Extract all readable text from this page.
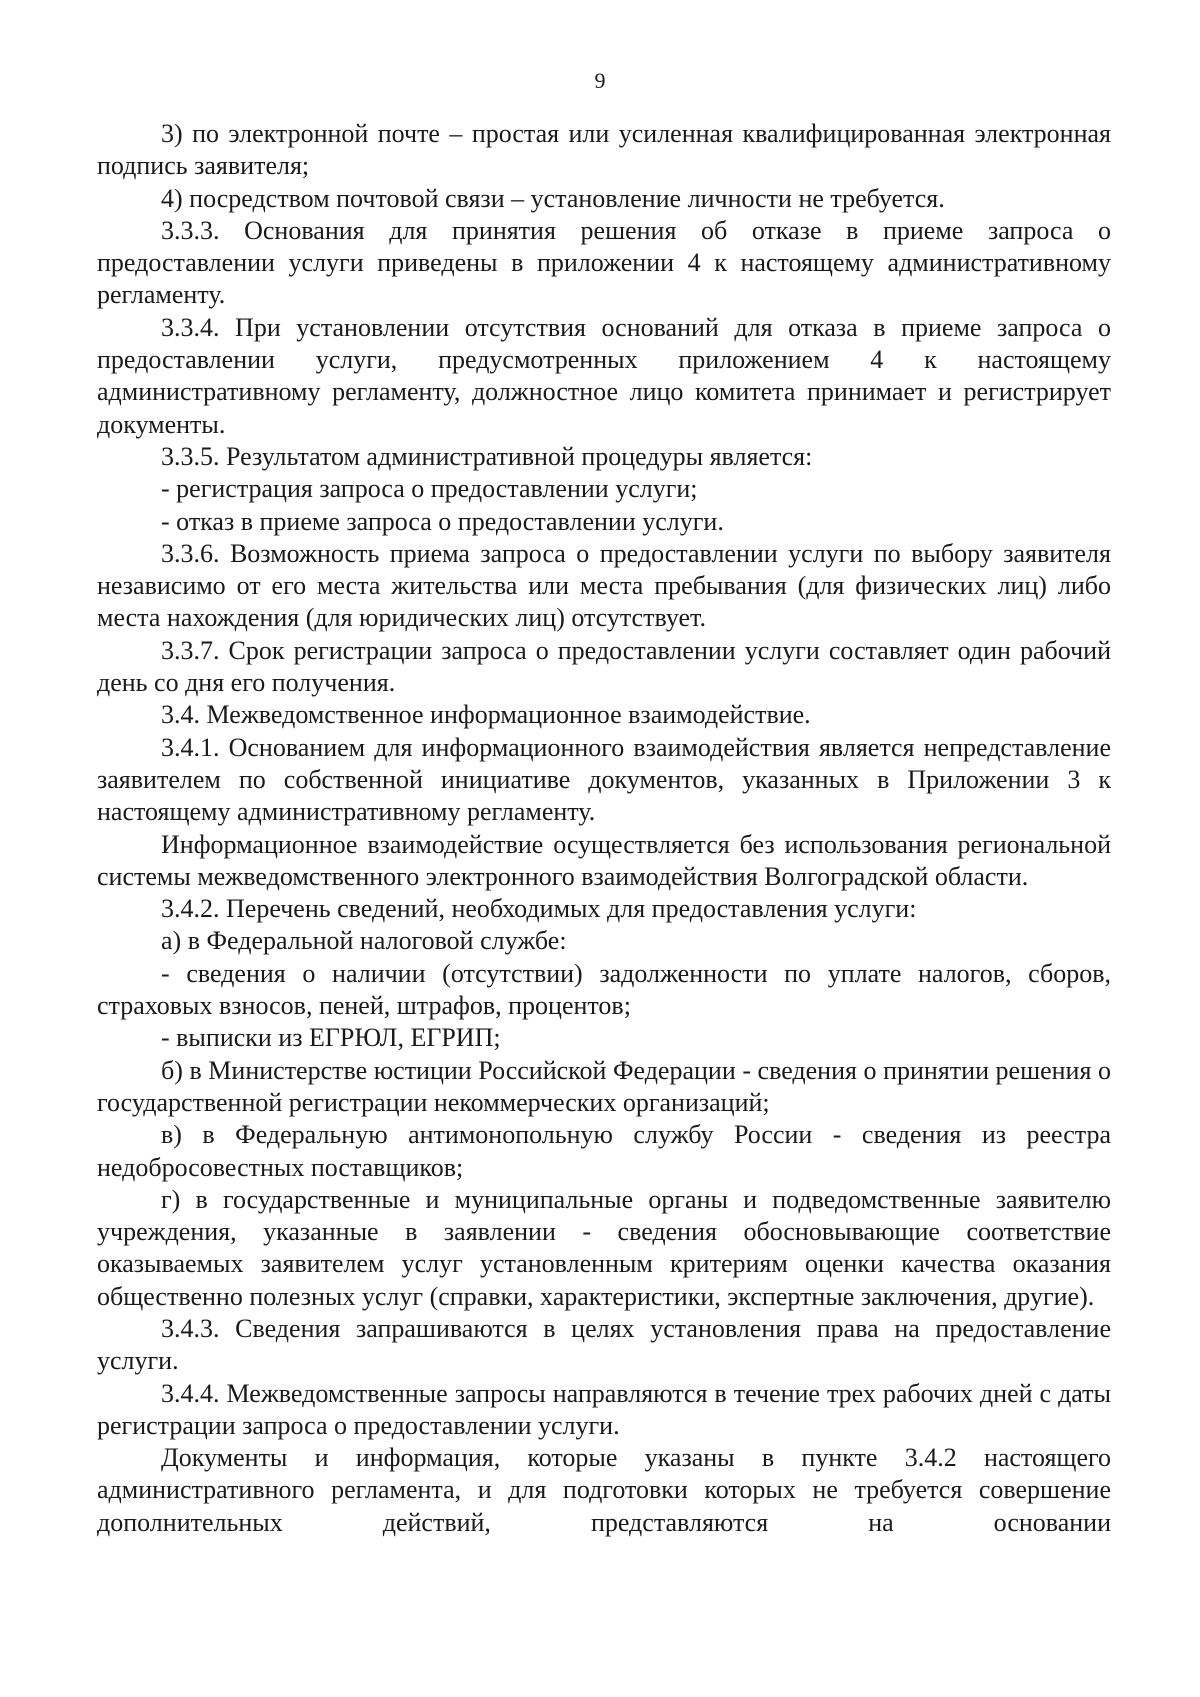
9

3) по электронной почте – простая или усиленная квалифицированная электронная подпись заявителя;

4) посредством почтовой связи – установление личности не требуется.

3.3.3. Основания для принятия решения об отказе в приеме запроса о предоставлении услуги приведены в приложении 4 к настоящему административному регламенту.

3.3.4. При установлении отсутствия оснований для отказа в приеме запроса о предоставлении услуги, предусмотренных приложением 4 к настоящему административному регламенту, должностное лицо комитета принимает и регистрирует документы.

3.3.5. Результатом административной процедуры является:

- регистрация запроса о предоставлении услуги;

- отказ в приеме запроса о предоставлении услуги.

3.3.6. Возможность приема запроса о предоставлении услуги по выбору заявителя независимо от его места жительства или места пребывания (для физических лиц) либо места нахождения (для юридических лиц) отсутствует.

3.3.7. Срок регистрации запроса о предоставлении услуги составляет один рабочий день со дня его получения.

3.4. Межведомственное информационное взаимодействие.

3.4.1. Основанием для информационного взаимодействия является непредставление заявителем по собственной инициативе документов, указанных в Приложении 3 к настоящему административному регламенту.

Информационное взаимодействие осуществляется без использования региональной системы межведомственного электронного взаимодействия Волгоградской области.

3.4.2. Перечень сведений, необходимых для предоставления услуги:

а) в Федеральной налоговой службе:

- сведения о наличии (отсутствии) задолженности по уплате налогов, сборов, страховых взносов, пеней, штрафов, процентов;

- выписки из ЕГРЮЛ, ЕГРИП;

б) в Министерстве юстиции Российской Федерации - сведения о принятии решения о государственной регистрации некоммерческих организаций;

в) в Федеральную антимонопольную службу России - сведения из реестра недобросовестных поставщиков;

г) в государственные и муниципальные органы и подведомственные заявителю учреждения, указанные в заявлении - сведения обосновывающие соответствие оказываемых заявителем услуг установленным критериям оценки качества оказания общественно полезных услуг (справки, характеристики, экспертные заключения, другие).

3.4.3. Сведения запрашиваются в целях установления права на предоставление услуги.

3.4.4. Межведомственные запросы направляются в течение трех рабочих дней с даты регистрации запроса о предоставлении услуги.

Документы и информация, которые указаны в пункте 3.4.2 настоящего административного регламента, и для подготовки которых не требуется совершение дополнительных действий, представляются на основании
